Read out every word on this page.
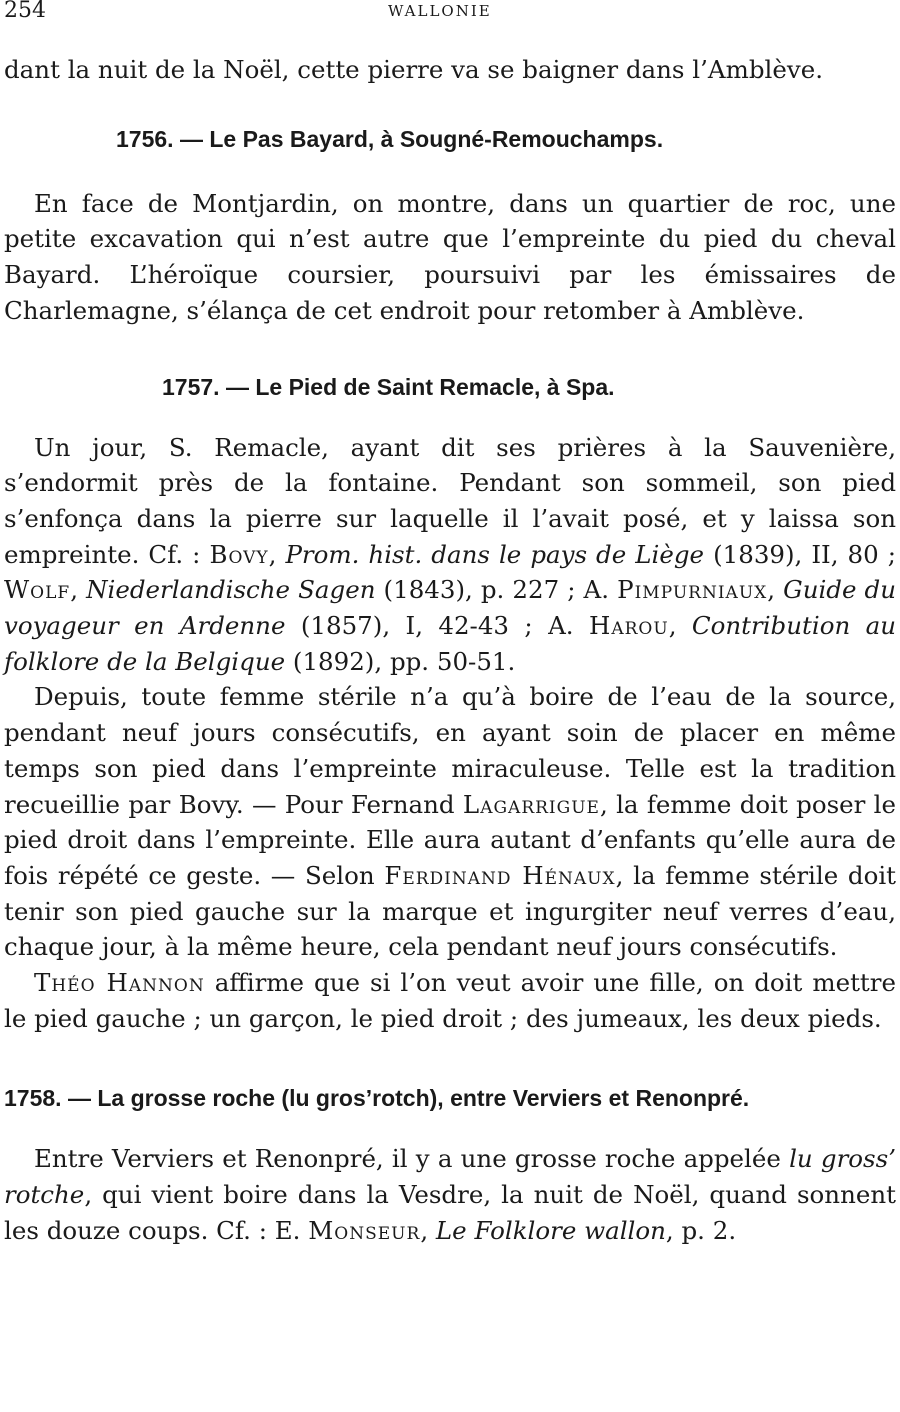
254	WALLONIE

dant la nuit de la Noël, cette pierre va se baigner dans l’Amblève.

1756. — Le Pas Bayard, à Sougné-Remouchamps.

En face de Montjardin, on montre, dans un quartier de roc, une petite excavation qui n’est autre que l’empreinte du pied du cheval Bayard. L’héroïque coursier, poursuivi par les émissaires de Charlemagne, s’élança de cet endroit pour retomber à Amblève.

1757. — Le Pied de Saint Remacle, à Spa.

Un jour, S. Remacle, ayant dit ses prières à la Sauvenière, s’endormit près de la fontaine. Pendant son sommeil, son pied s’enfonça dans la pierre sur laquelle il l’avait posé, et y laissa son empreinte. Cf. : Bovy, Prom. hist. dans le pays de Liège (1839), II, 80 ; Wolf, Niederlandische Sagen (1843), p. 227 ; A. Pimpurniaux, Guide du voyageur en Ardenne (1857), I, 42-43 ; A. Harou, Contribution au folklore de la Belgique (1892), pp. 50-51.

Depuis, toute femme stérile n’a qu’à boire de l’eau de la source, pendant neuf jours consécutifs, en ayant soin de placer en même temps son pied dans l’empreinte miraculeuse. Telle est la tradition recueillie par Bovy. — Pour Fernand Lagarrigue, la femme doit poser le pied droit dans l’empreinte. Elle aura autant d’enfants qu’elle aura de fois répété ce geste. — Selon Ferdinand Hénaux, la femme stérile doit tenir son pied gauche sur la marque et ingurgiter neuf verres d’eau, chaque jour, à la même heure, cela pendant neuf jours consécutifs.

Théo Hannon affirme que si l’on veut avoir une fille, on doit mettre le pied gauche ; un garçon, le pied droit ; des jumeaux, les deux pieds.

1758. — La grosse roche (lu gros’rotch), entre Verviers et Renonpré.

Entre Verviers et Renonpré, il y a une grosse roche appelée lu gross’ rotche, qui vient boire dans la Vesdre, la nuit de Noël, quand sonnent les douze coups. Cf. : E. Monseur, Le Folklore wallon, p. 2.
